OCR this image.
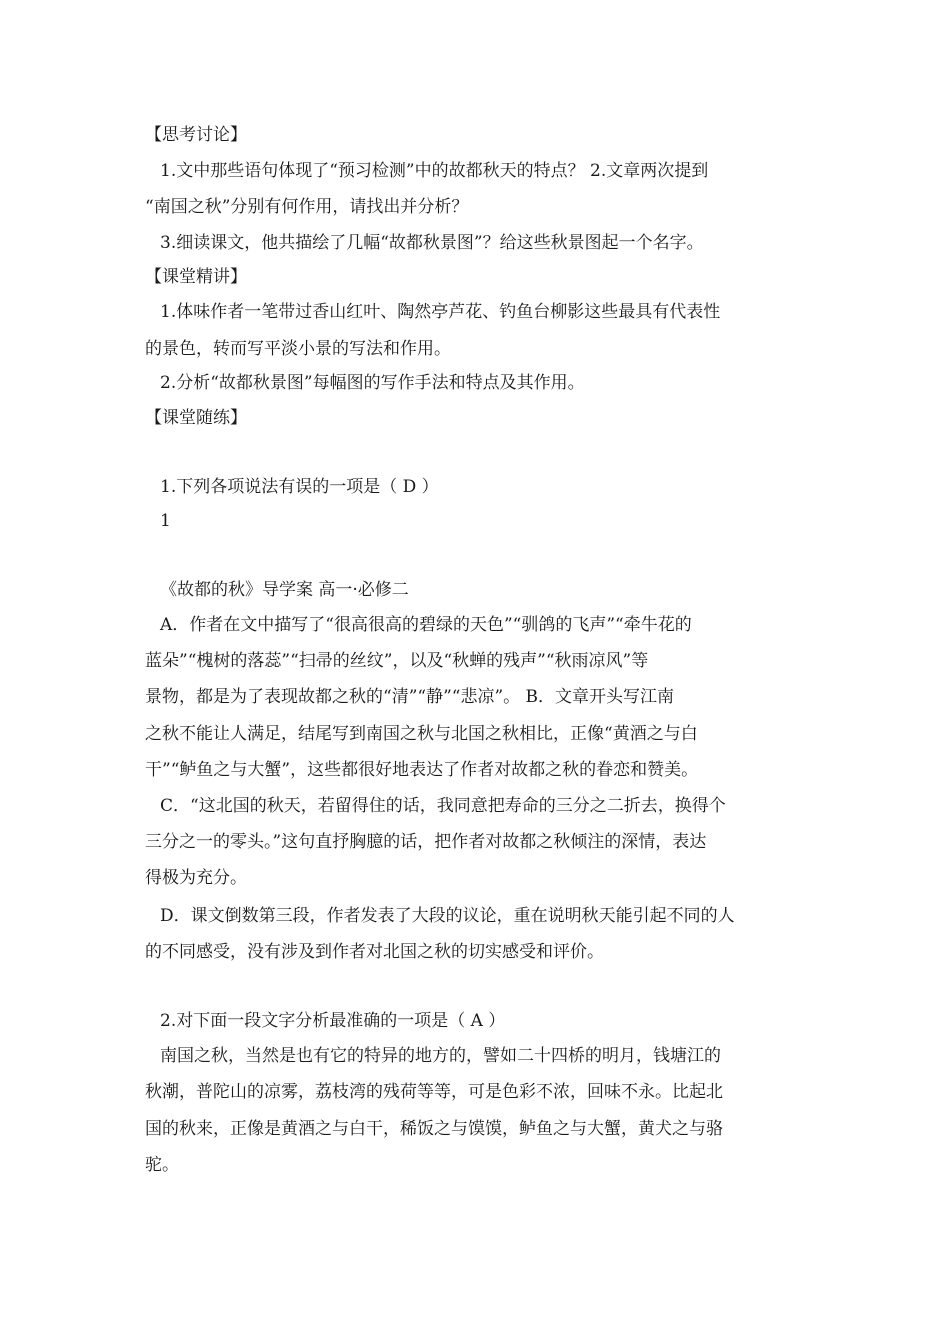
【思考讨论】

1.文中那些语句体现了“预习检测”中的故都秋天的特点？ 2.文章两次提到

“南国之秋”分别有何作用，请找出并分析？

3.细读课文，他共描绘了几幅“故都秋景图”？给这些秋景图起一个名字。

【课堂精讲】

1.体味作者一笔带过香山红叶、陶然亭芦花、钓鱼台柳影这些最具有代表性

的景色，转而写平淡小景的写法和作用。

2.分析“故都秋景图”每幅图的写作手法和特点及其作用。

【课堂随练】

1.下列各项说法有误的一项是（ D ）

1

《故都的秋》导学案 高一·必修二

A．作者在文中描写了“很高很高的碧绿的天色”“驯鸽的飞声”“牵牛花的

蓝朵”“槐树的落蕊”“扫帚的丝纹”，以及“秋蝉的残声”“秋雨凉风”等

景物，都是为了表现故都之秋的“清”“静”“悲凉”。 B．文章开头写江南

之秋不能让人满足，结尾写到南国之秋与北国之秋相比，正像“黄酒之与白

干”“鲈鱼之与大蟹”，这些都很好地表达了作者对故都之秋的眷恋和赞美。

C．“这北国的秋天，若留得住的话，我同意把寿命的三分之二折去，换得个

三分之一的零头。”这句直抒胸臆的话，把作者对故都之秋倾注的深情，表达

得极为充分。

D．课文倒数第三段，作者发表了大段的议论，重在说明秋天能引起不同的人

的不同感受，没有涉及到作者对北国之秋的切实感受和评价。

2.对下面一段文字分析最准确的一项是（ A ）

南国之秋，当然是也有它的特异的地方的，譬如二十四桥的明月，钱塘江的

秋潮，普陀山的凉雾，荔枝湾的残荷等等，可是色彩不浓，回味不永。比起北

国的秋来，正像是黄酒之与白干，稀饭之与馍馍，鲈鱼之与大蟹，黄犬之与骆

驼。
